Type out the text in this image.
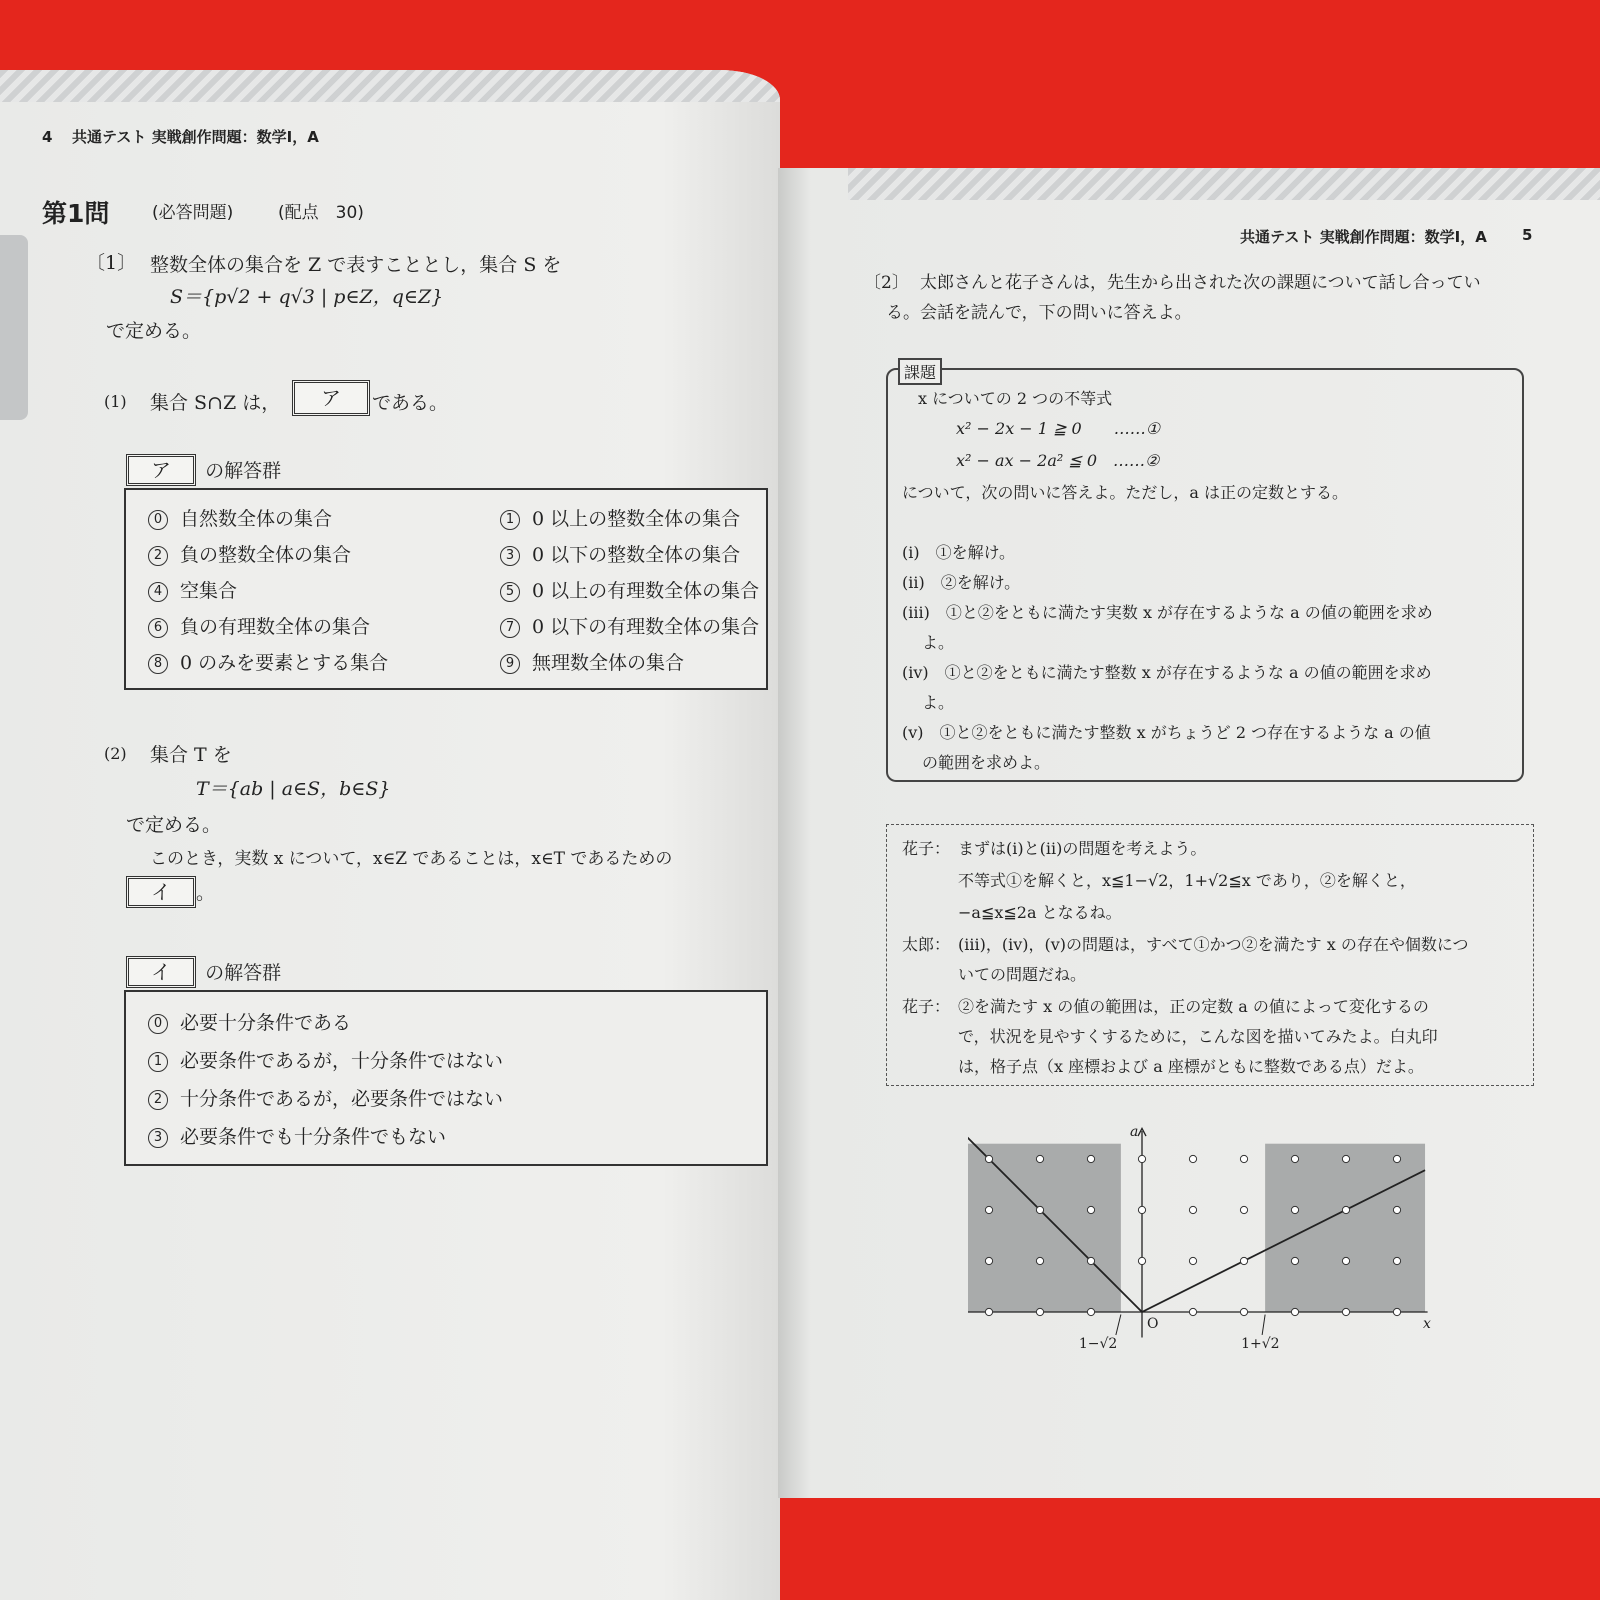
4 共通テスト 実戦創作問題：数学Ⅰ，A
第1問	(必答問題)	(配点　30)
〔1〕 整数全体の集合を Z で表すこととし，集合 S を
S＝{p√2 + q√3 | p∈Z，q∈Z}
で定める。
(1) 集合 S∩Z は，	ア	である。
ア の解答群
0 自然数全体の集合	1 0 以上の整数全体の集合
2 負の整数全体の集合	3 0 以下の整数全体の集合
4 空集合	5 0 以上の有理数全体の集合
6 負の有理数全体の集合	7 0 以下の有理数全体の集合
8 0 のみを要素とする集合	9 無理数全体の集合
(2) 集合 T を
T＝{ab | a∈S，b∈S}
で定める。
このとき，実数 x について，x∈Z であることは，x∈T であるための
イ 。
イ の解答群
0 必要十分条件である
1 必要条件であるが，十分条件ではない
2 十分条件であるが，必要条件ではない
3 必要条件でも十分条件でもない
共通テスト 実戦創作問題：数学Ⅰ，A 5
〔2〕 太郎さんと花子さんは，先生から出された次の課題について話し合ってい
る。会話を読んで，下の問いに答えよ。
課題
x についての 2 つの不等式
x² − 2x − 1 ≧ 0　　……①
x² − ax − 2a² ≦ 0　……②
について，次の問いに答えよ。ただし，a は正の定数とする。
(i)　 ①を解け。
(ii)　 ②を解け。
(iii)　 ①と②をともに満たす実数 x が存在するような a の値の範囲を求め
よ。
(iv)　 ①と②をともに満たす整数 x が存在するような a の値の範囲を求め
よ。
(v)　 ①と②をともに満たす整数 x がちょうど 2 つ存在するような a の値
の範囲を求めよ。
花子： まずは(i)と(ii)の問題を考えよう。
不等式①を解くと，x≦1−√2，1+√2≦x であり，②を解くと，
−a≦x≦2a となるね。
太郎： (iii)，(iv)，(v)の問題は，すべて①かつ②を満たす x の存在や個数につ
いての問題だね。
花子： ②を満たす x の値の範囲は，正の定数 a の値によって変化するの
で，状況を見やすくするために，こんな図を描いてみたよ。白丸印
は，格子点（x 座標および a 座標がともに整数である点）だよ。
a
x
O
1−√2	1+√2
